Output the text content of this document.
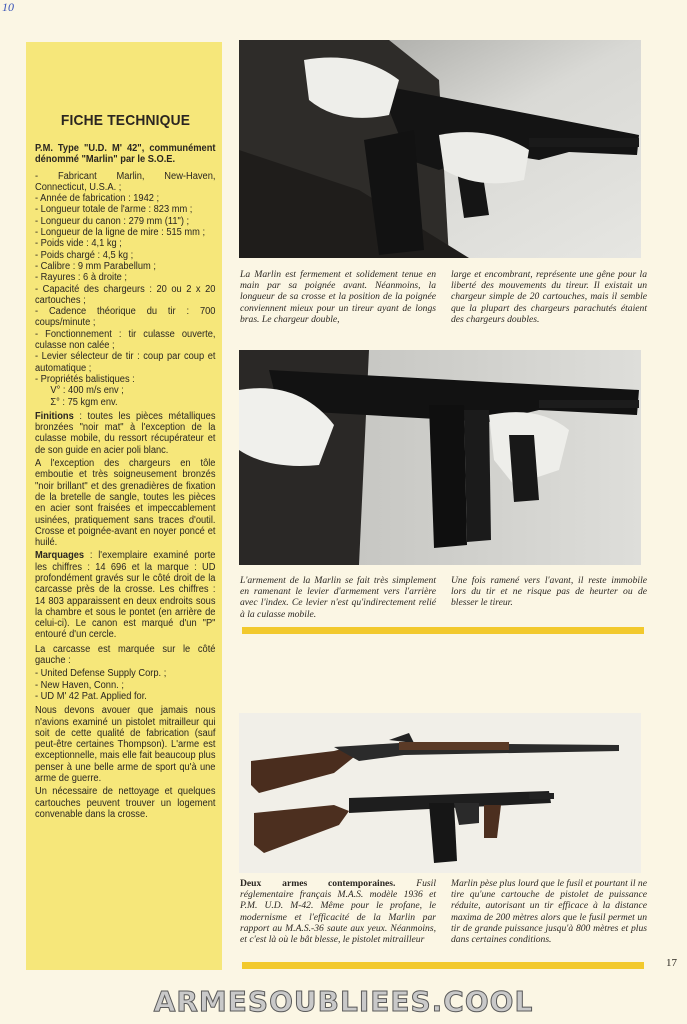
10
FICHE TECHNIQUE

P.M. Type "U.D. M' 42", communément dénommé "Marlin" par le S.O.E.

- Fabricant Marlin, New-Haven, Connecticut, U.S.A. ;
- Année de fabrication : 1942 ;
- Longueur totale de l'arme : 823 mm ;
- Longueur du canon : 279 mm (11") ;
- Longueur de la ligne de mire : 515 mm ;
- Poids vide : 4,1 kg ;
- Poids chargé : 4,5 kg ;
- Calibre : 9 mm Parabellum ;
- Rayures : 6 à droite ;
- Capacité des chargeurs : 20 ou 2 x 20 cartouches ;
- Cadence théorique du tir : 700 coups/minute ;
- Fonctionnement : tir culasse ouverte, culasse non calée ;
- Levier sélecteur de tir : coup par coup et automatique ;
- Propriétés balistiques :
V° : 400 m/s env ;
Σ° : 75 kgm env.

Finitions : toutes les pièces métalliques bronzées "noir mat" à l'exception de la culasse mobile, du ressort récupérateur et de son guide en acier poli blanc.

A l'exception des chargeurs en tôle emboutie et très soigneusement bronzés "noir brillant" et des grenadières de fixation de la bretelle de sangle, toutes les pièces en acier sont fraisées et impeccablement usinées, pratiquement sans traces d'outil. Crosse et poignée-avant en noyer poncé et huilé.

Marquages : l'exemplaire examiné porte les chiffres : 14 696 et la marque : UD profondément gravés sur le côté droit de la carcasse près de la crosse. Les chiffres : 14 803 apparaissent en deux endroits sous la chambre et sous le pontet (en arrière de celui-ci). Le canon est marqué d'un "P" entouré d'un cercle.

La carcasse est marquée sur le côté gauche :

- United Defense Supply Corp. ;
- New Haven, Conn. ;
- UD M' 42 Pat. Applied for.

Nous devons avouer que jamais nous n'avions examiné un pistolet mitrailleur qui soit de cette qualité de fabrication (sauf peut-être certaines Thompson). L'arme est exceptionnelle, mais elle fait beaucoup plus penser à une belle arme de sport qu'à une arme de guerre.

Un nécessaire de nettoyage et quelques cartouches peuvent trouver un logement convenable dans la crosse.

La Marlin est fermement et solidement tenue en main par sa poignée avant. Néanmoins, la longueur de sa crosse et la position de la poignée conviennent mieux pour un tireur ayant de longs bras. Le chargeur double,
large et encombrant, représente une gêne pour la liberté des mouvements du tireur. Il existait un chargeur simple de 20 cartouches, mais il semble que la plupart des chargeurs parachutés étaient des chargeurs doubles.
L'armement de la Marlin se fait très simplement en ramenant le levier d'armement vers l'arrière avec l'index. Ce levier n'est qu'indirectement relié à la culasse mobile.
Une fois ramené vers l'avant, il reste immobile lors du tir et ne risque pas de heurter ou de blesser le tireur.
Deux armes contemporaines. Fusil réglementaire français M.A.S. modèle 1936 et P.M. U.D. M-42. Même pour le profane, le modernisme et l'efficacité de la Marlin par rapport au M.A.S.-36 saute aux yeux. Néanmoins, et c'est là où le bât blesse, le pistolet mitrailleur
Marlin pèse plus lourd que le fusil et pourtant il ne tire qu'une cartouche de pistolet de puissance réduite, autorisant un tir efficace à la distance maxima de 200 mètres alors que le fusil permet un tir de grande puissance jusqu'à 800 mètres et plus dans certaines conditions.
17
ARMESOUBLIEES.COOL
